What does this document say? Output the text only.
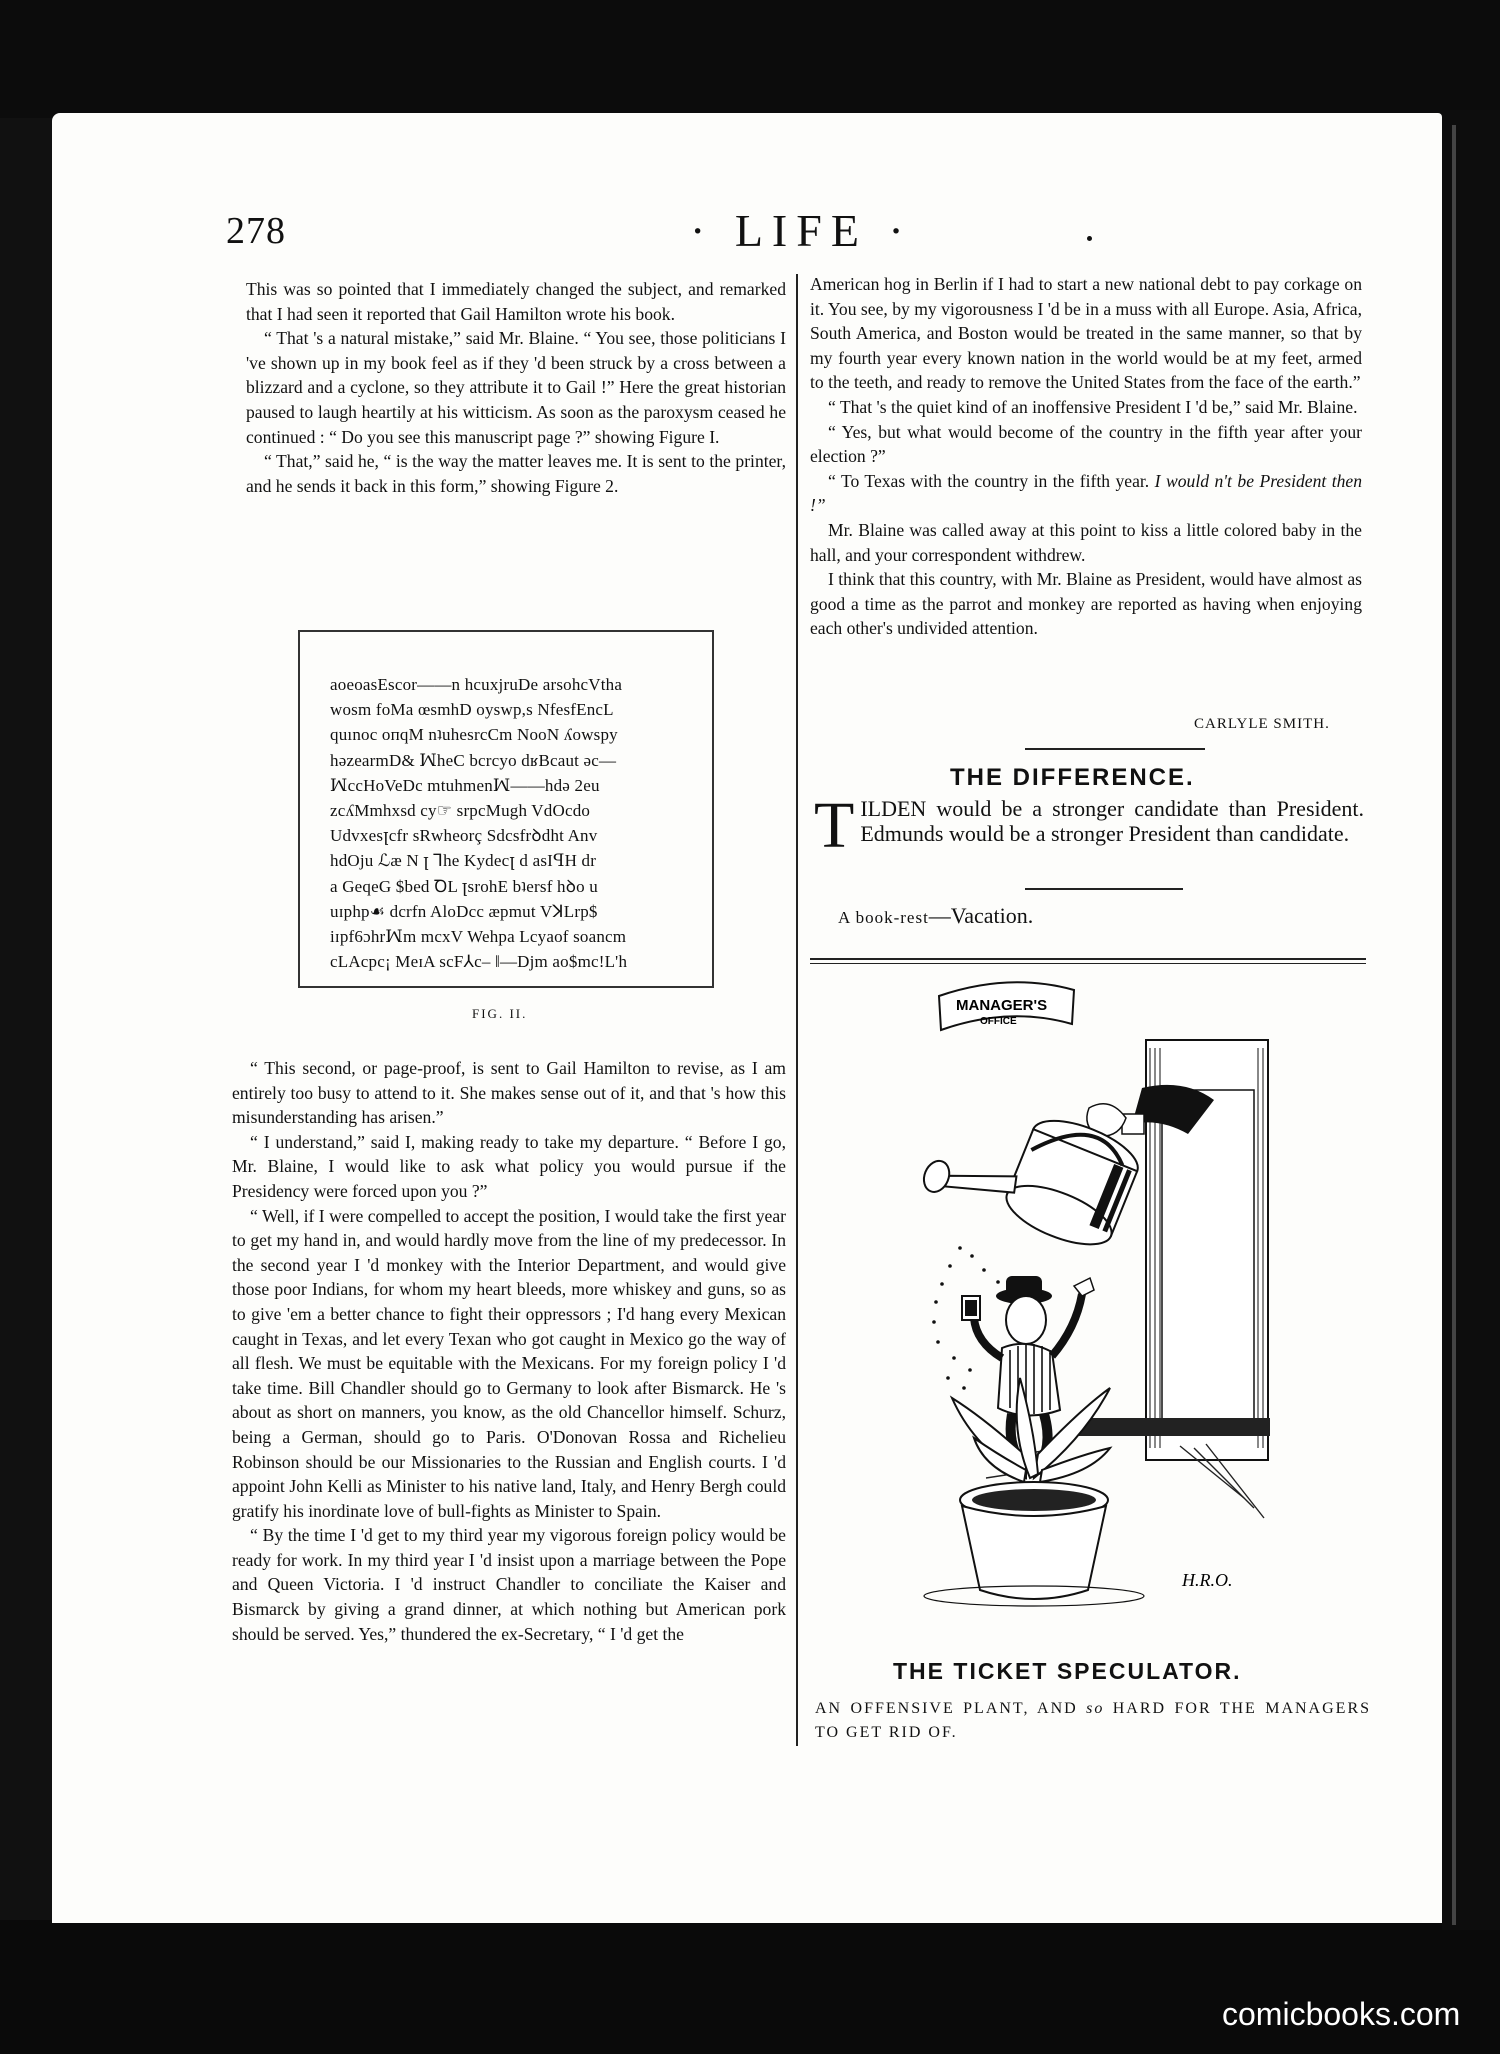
278	· LIFE ·

This was so pointed that I immediately changed the subject, and remarked that I had seen it reported that Gail Hamilton wrote his book.

“ That 's a natural mistake,” said Mr. Blaine. “ You see, those politicians I 've shown up in my book feel as if they 'd been struck by a cross between a blizzard and a cyclone, so they attribute it to Gail !” Here the great historian paused to laugh heartily at his witticism. As soon as the paroxysm ceased he continued : “ Do you see this manuscript page ?” showing Figure I.

“ That,” said he, “ is the way the matter leaves me. It is sent to the printer, and he sends it back in this form,” showing Figure 2.

aoeoasEscor——n hcuxjruDe arsohcVtha
wosm foMa œsmhD oyswp,s NfesfEncL
quınoc oпqM nʇuhesrcCm NooN ʎowspy
həzearmD& ꟽheC bcrcyo dʁBcaut əc—
ꟽccHoVeDc mtuhmenꟽ——hdə 2eu
zcʎMmhxsd cy☞ srpcMugh VdOcdo
Udvxesꞁcfr sRwheorç Sdcsfrꝺdht Anv
hdOju ℒæ N ꞁ ⅂he Kydecꞁ d asIꟼH dr
a GeqeG $bed ꝹL ꞁsrohE bʇersf hꝺo u
uɪphp☙ dcrfn AloDcc æpmut VꓘLrp$
iɪpf6ɔhrꟽm mcxV Wehpa Lcyaof soancm
cLAcpc¡ MeɪA scF⅄c– ‖—Djm ao$mc!L'h
FIG. II.

“ This second, or page-proof, is sent to Gail Hamilton to revise, as I am entirely too busy to attend to it. She makes sense out of it, and that 's how this misunderstanding has arisen.”

“ I understand,” said I, making ready to take my departure. “ Before I go, Mr. Blaine, I would like to ask what policy you would pursue if the Presidency were forced upon you ?”

“ Well, if I were compelled to accept the position, I would take the first year to get my hand in, and would hardly move from the line of my predecessor. In the second year I 'd monkey with the Interior Department, and would give those poor Indians, for whom my heart bleeds, more whiskey and guns, so as to give 'em a better chance to fight their oppressors ; I'd hang every Mexican caught in Texas, and let every Texan who got caught in Mexico go the way of all flesh. We must be equitable with the Mexicans. For my foreign policy I 'd take time. Bill Chandler should go to Germany to look after Bismarck. He 's about as short on manners, you know, as the old Chancellor himself. Schurz, being a German, should go to Paris. O'Donovan Rossa and Richelieu Robinson should be our Missionaries to the Russian and English courts. I 'd appoint John Kelli as Minister to his native land, Italy, and Henry Bergh could gratify his inordinate love of bull-fights as Minister to Spain.

“ By the time I 'd get to my third year my vigorous foreign policy would be ready for work. In my third year I 'd insist upon a marriage between the Pope and Queen Victoria. I 'd instruct Chandler to conciliate the Kaiser and Bismarck by giving a grand dinner, at which nothing but American pork should be served. Yes,” thundered the ex-Secretary, “ I 'd get the

American hog in Berlin if I had to start a new national debt to pay corkage on it. You see, by my vigorousness I 'd be in a muss with all Europe. Asia, Africa, South America, and Boston would be treated in the same manner, so that by my fourth year every known nation in the world would be at my feet, armed to the teeth, and ready to remove the United States from the face of the earth.”

“ That 's the quiet kind of an inoffensive President I 'd be,” said Mr. Blaine.

“ Yes, but what would become of the country in the fifth year after your election ?”

“ To Texas with the country in the fifth year. I would n't be President then !”

Mr. Blaine was called away at this point to kiss a little colored baby in the hall, and your correspondent withdrew.

I think that this country, with Mr. Blaine as President, would have almost as good a time as the parrot and monkey are reported as having when enjoying each other's undivided attention.

CARLYLE SMITH.
THE DIFFERENCE.
T ILDEN would be a stronger candidate than President. Edmunds would be a stronger President than candidate.
A book-rest—Vacation.
MANAGER'S
OFFICE
H.R.O.
THE TICKET SPECULATOR.
AN OFFENSIVE PLANT, AND so HARD FOR THE MANAGERS TO GET RID OF.
comicbooks.com
